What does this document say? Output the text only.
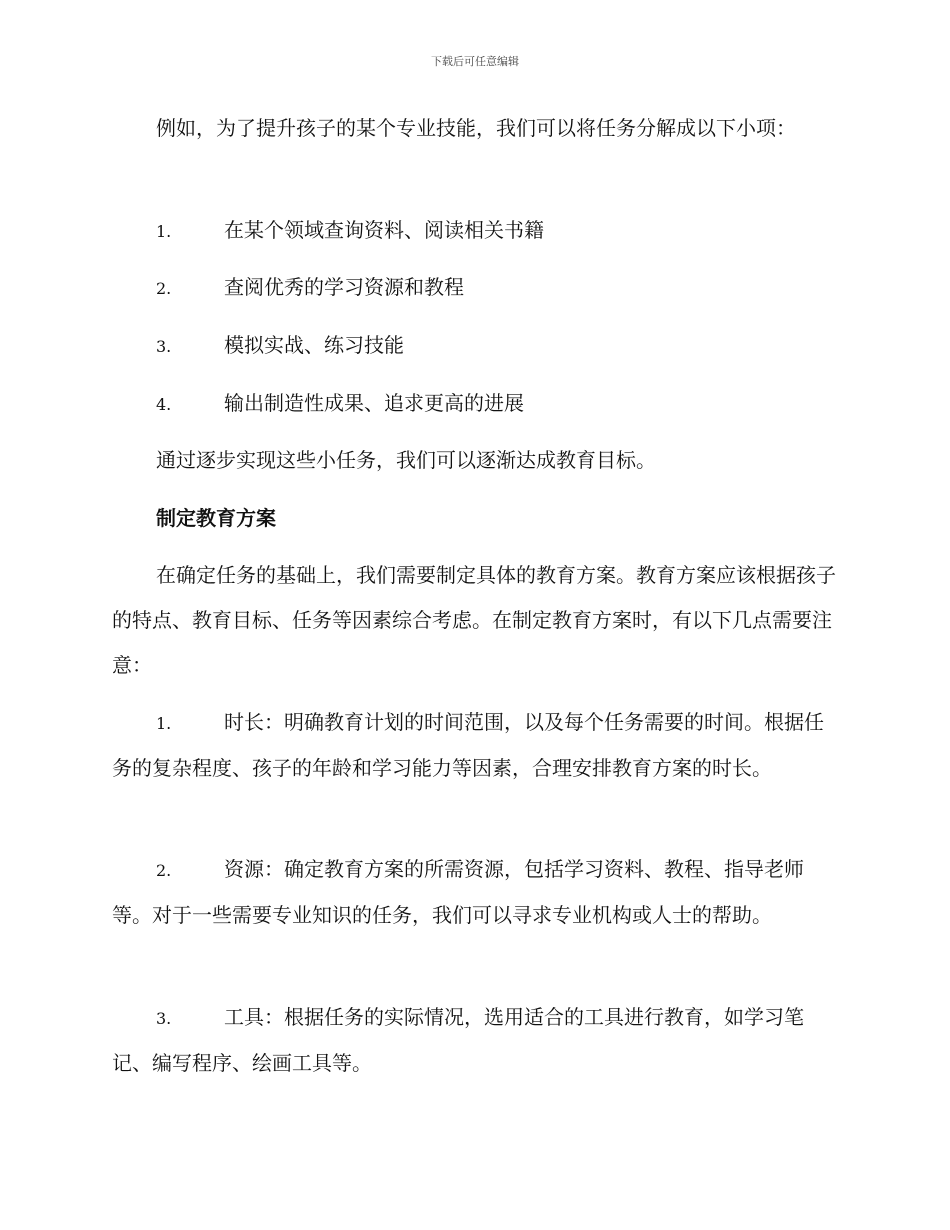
下载后可任意编辑

例如，为了提升孩子的某个专业技能，我们可以将任务分解成以下小项：

1.	在某个领域查询资料、阅读相关书籍

2.	查阅优秀的学习资源和教程

3.	模拟实战、练习技能

4.	输出制造性成果、追求更高的进展

通过逐步实现这些小任务，我们可以逐渐达成教育目标。

制定教育方案

在确定任务的基础上，我们需要制定具体的教育方案。教育方案应该根据孩子的特点、教育目标、任务等因素综合考虑。在制定教育方案时，有以下几点需要注意：

1.	时长：明确教育计划的时间范围，以及每个任务需要的时间。根据任务的复杂程度、孩子的年龄和学习能力等因素，合理安排教育方案的时长。

2.	资源：确定教育方案的所需资源，包括学习资料、教程、指导老师等。对于一些需要专业知识的任务，我们可以寻求专业机构或人士的帮助。

3.	工具：根据任务的实际情况，选用适合的工具进行教育，如学习笔记、编写程序、绘画工具等。
